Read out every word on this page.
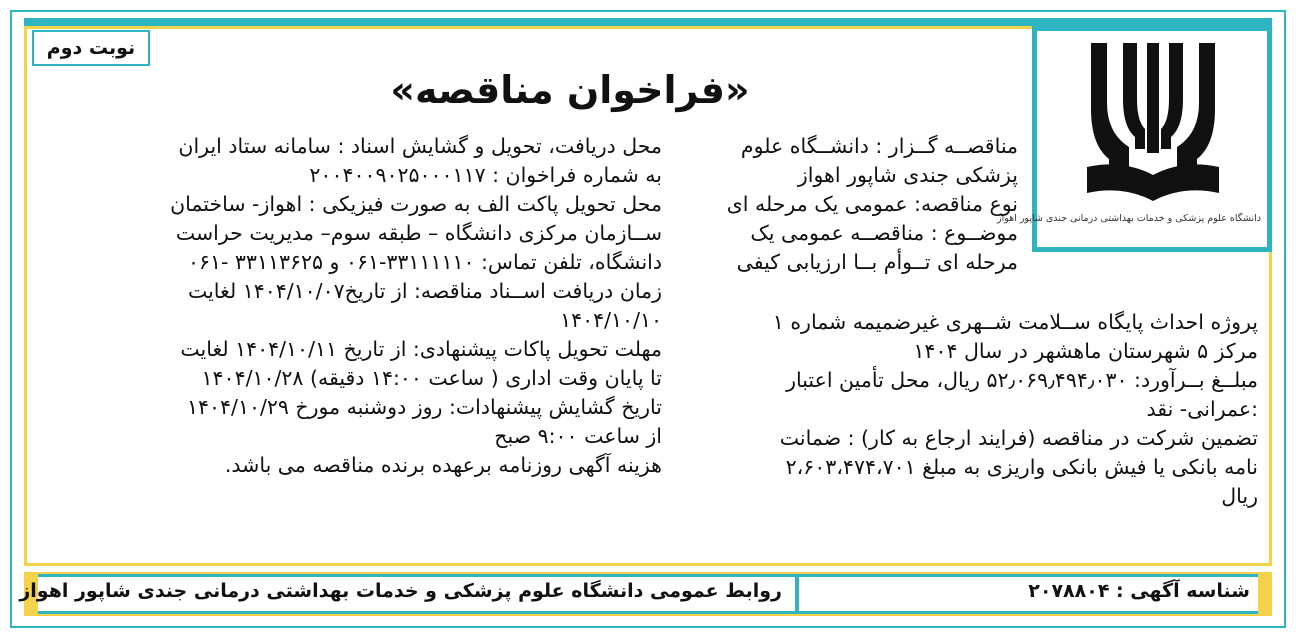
نوبت دوم
دانشگاه علوم پزشکی و خدمات بهداشتی درمانی جندی شاپور اهواز
«فراخوان مناقصه»
مناقصــه گــزار : دانشــگاه علوم
پزشکی جندی شاپور اهواز
نوع مناقصه: عمومی یک مرحله ای
موضــوع : مناقصــه عمومی یک
مرحله ای تــوأم بــا ارزیابی کیفی
پروژه احداث پایگاه ســلامت شــهری غیرضمیمه شماره ۱
مرکز ۵ شهرستان ماهشهر در سال ۱۴۰۴
مبلــغ بــرآورد: ۵۲٫۰۶۹٫۴۹۴٫۰۳۰ ریال، محل تأمین اعتبار
:عمرانی- نقد
تضمین شرکت در مناقصه (فرایند ارجاع به کار) : ضمانت
نامه بانکی یا فیش بانکی واریزی به مبلغ ۲،۶۰۳،۴۷۴،۷۰۱
ریال
محل دریافت، تحویل و گشایش اسناد : سامانه ستاد ایران
به شماره فراخوان : ۲۰۰۴۰۰۹۰۲۵۰۰۰۱۱۷
محل تحویل پاکت الف به صورت فیزیکی : اهواز- ساختمان
ســازمان مرکزی دانشگاه – طبقه سوم– مدیریت حراست
دانشگاه، تلفن تماس: ۳۳۱۱۱۱۱۰-۰۶۱ و ۳۳۱۱۳۶۲۵ -۰۶۱
زمان دریافت اســناد مناقصه: از تاریخ۱۴۰۴/۱۰/۰۷ لغایت
۱۴۰۴/۱۰/۱۰
مهلت تحویل پاکات پیشنهادی: از تاریخ ۱۴۰۴/۱۰/۱۱ لغایت
تا پایان وقت اداری ( ساعت ۱۴:۰۰ دقیقه) ۱۴۰۴/۱۰/۲۸
تاریخ گشایش پیشنهادات: روز دوشنبه مورخ ۱۴۰۴/۱۰/۲۹
از ساعت ۹:۰۰ صبح
هزینه آگهی روزنامه برعهده برنده مناقصه می باشد.
روابط عمومی دانشگاه علوم پزشکی و خدمات بهداشتی درمانی جندی شاپور اهواز	شناسه آگهی : ۲۰۷۸۸۰۴
